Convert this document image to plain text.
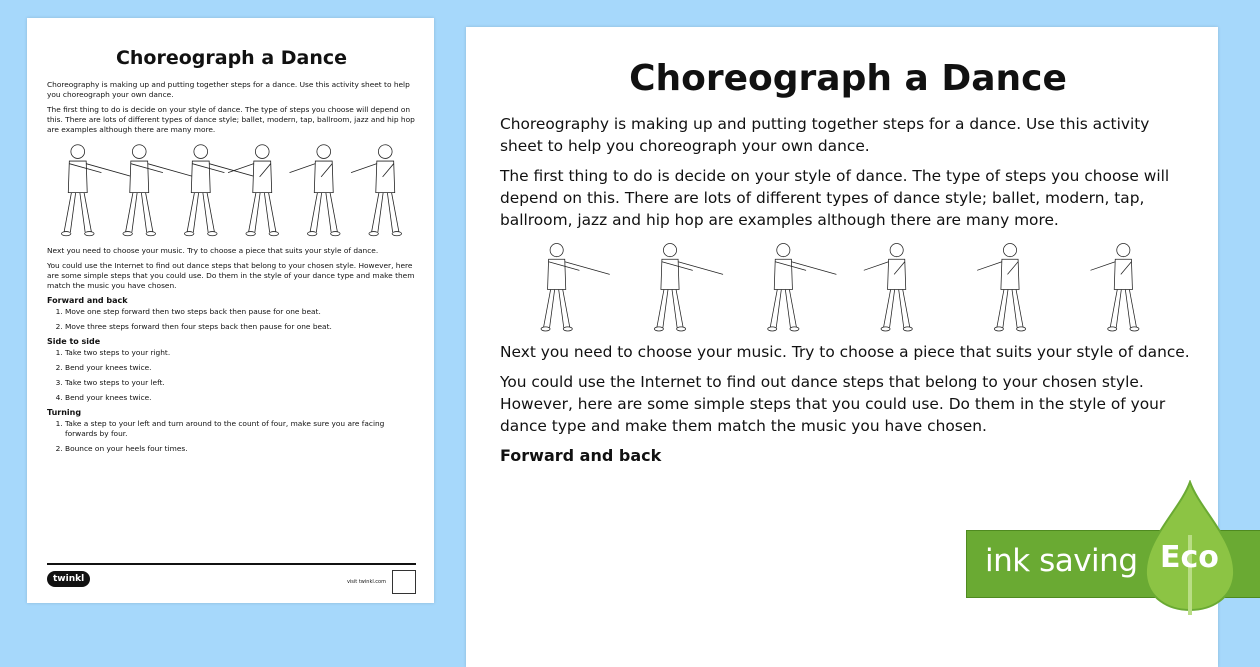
Choreograph a Dance

Choreography is making up and putting together steps for a dance. Use this activity sheet to help you choreograph your own dance.

The first thing to do is decide on your style of dance. The type of steps you choose will depend on this. There are lots of different types of dance style; ballet, modern, tap, ballroom, jazz and hip hop are examples although there are many more.

Next you need to choose your music. Try to choose a piece that suits your style of dance.

You could use the Internet to find out dance steps that belong to your chosen style. However, here are some simple steps that you could use. Do them in the style of your dance type and make them match the music you have chosen.

Forward and back
1. Move one step forward then two steps back then pause for one beat.
2. Move three steps forward then four steps back then pause for one beat.
Side to side
1. Take two steps to your right.
2. Bend your knees twice.
3. Take two steps to your left.
4. Bend your knees twice.
Turning
1. Take a step to your left and turn around to the count of four, make sure you are facing forwards by four.
2. Bounce on your heels four times.
twinkl	visit twinkl.com
Choreograph a Dance

Choreography is making up and putting together steps for a dance. Use this activity sheet to help you choreograph your own dance.

The first thing to do is decide on your style of dance. The type of steps you choose will depend on this. There are lots of different types of dance style; ballet, modern, tap, ballroom, jazz and hip hop are examples although there are many more.

Next you need to choose your music. Try to choose a piece that suits your style of dance.

You could use the Internet to find out dance steps that belong to your chosen style. However, here are some simple steps that you could use. Do them in the style of your dance type and make them match the music you have chosen.

Forward and back
ink saving Eco
